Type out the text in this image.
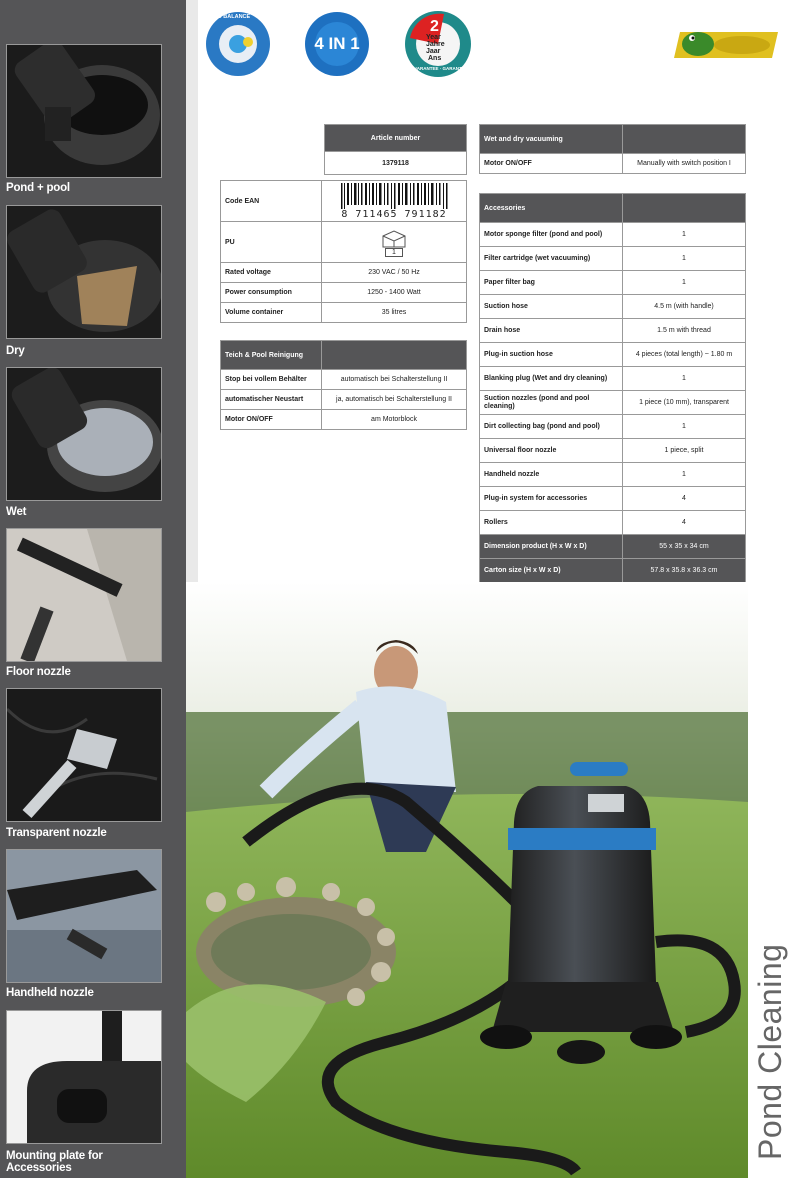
Pond + pool
Dry
Wet
Floor nozzle
Transparent nozzle
Handheld nozzle
Mounting plate for Accessories
BIO BALANCE
4 IN 1
2
Year
Jahre
Jaar
Ans
GUARANTEE · GARANTIE
Article number
1379118
Code EAN	8 711465 791182

PU	1
Rated voltage	230 VAC / 50 Hz
Power consumption	1250 - 1400 Watt
Volume container	35 litres
Teich & Pool Reinigung	
Stop bei vollem Behälter	automatisch bei Schalterstellung II
automatischer Neustart	ja, automatisch bei Schalterstellung II
Motor ON/OFF	am Motorblock
Wet and dry vacuuming	
Motor ON/OFF	Manually with switch position I

Accessories	
Motor sponge filter (pond and pool)	1
Filter cartridge (wet vacuuming)	1
Paper filter bag	1
Suction hose	4.5 m (with handle)
Drain hose	1.5 m with thread
Plug-in suction hose	4 pieces (total length) ~ 1.80 m
Blanking plug (Wet and dry cleaning)	1
Suction nozzles (pond and pool cleaning)	1 piece (10 mm), transparent
Dirt collecting bag (pond and pool)	1
Universal floor nozzle	1 piece, split
Handheld nozzle	1
Plug-in system for accessories	4
Rollers	4
Dimension product (H x W x D)	55 x 35 x 34 cm
Carton size (H x W x D)	57.8 x 35.8 x 36.3 cm
Pond Cleaning
